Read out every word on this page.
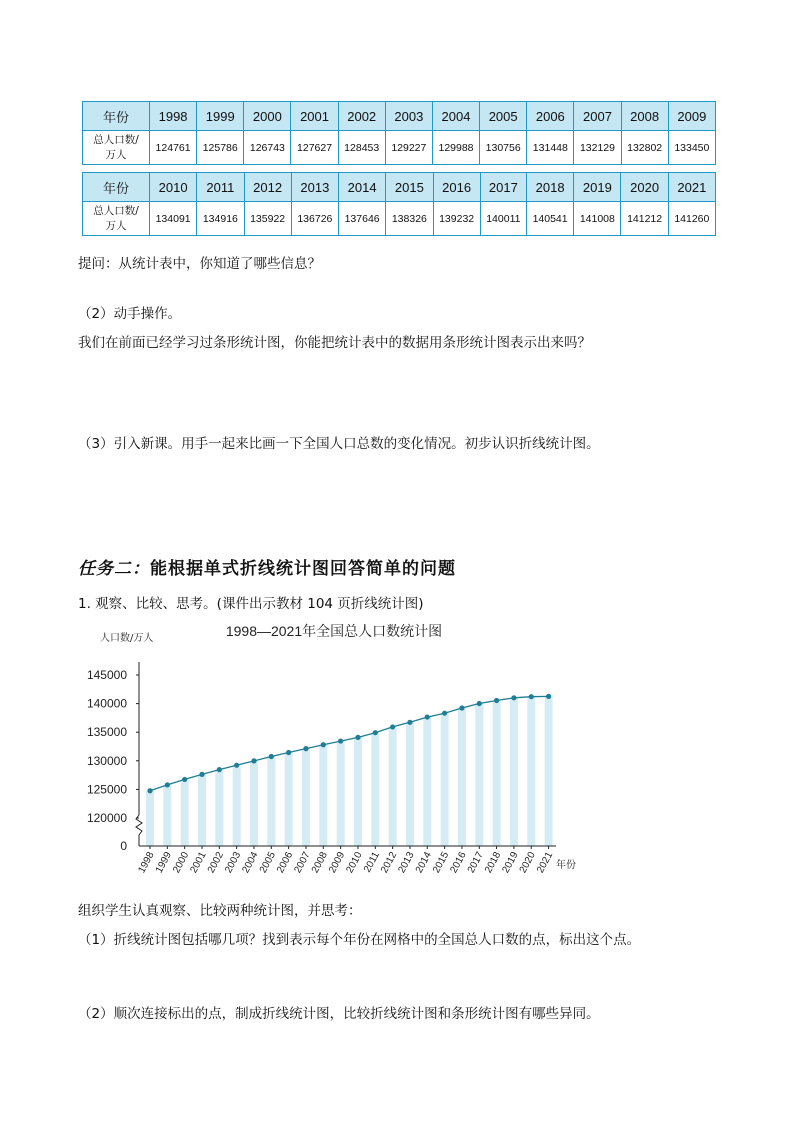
年份	1998	1999	2000	2001	2002	2003	2004	2005	2006	2007	2008	2009
总人口数/
万人	124761	125786	126743	127627	128453	129227	129988	130756	131448	132129	132802	133450
年份	2010	2011	2012	2013	2014	2015	2016	2017	2018	2019	2020	2021
总人口数/
万人	134091	134916	135922	136726	137646	138326	139232	140011	140541	141008	141212	141260
提问：从统计表中，你知道了哪些信息？
（2）动手操作。
我们在前面已经学习过条形统计图，你能把统计表中的数据用条形统计图表示出来吗？
（3）引入新课。用手一起来比画一下全国人口总数的变化情况。初步认识折线统计图。
任务二：能根据单式折线统计图回答简单的问题
1. 观察、比较、思考。(课件出示教材 104 页折线统计图)
1998—2021年全国总人口数统计图
人口数/万人
年份
145000
140000
135000
130000
125000
120000
0
1998
1999
2000
2001
2002
2003
2004
2005
2006
2007
2008
2009
2010
2011
2012
2013
2014
2015
2016
2017
2018
2019
2020
2021
组织学生认真观察、比较两种统计图，并思考：
（1）折线统计图包括哪几项？找到表示每个年份在网格中的全国总人口数的点，标出这个点。
（2）顺次连接标出的点，制成折线统计图，比较折线统计图和条形统计图有哪些异同。
